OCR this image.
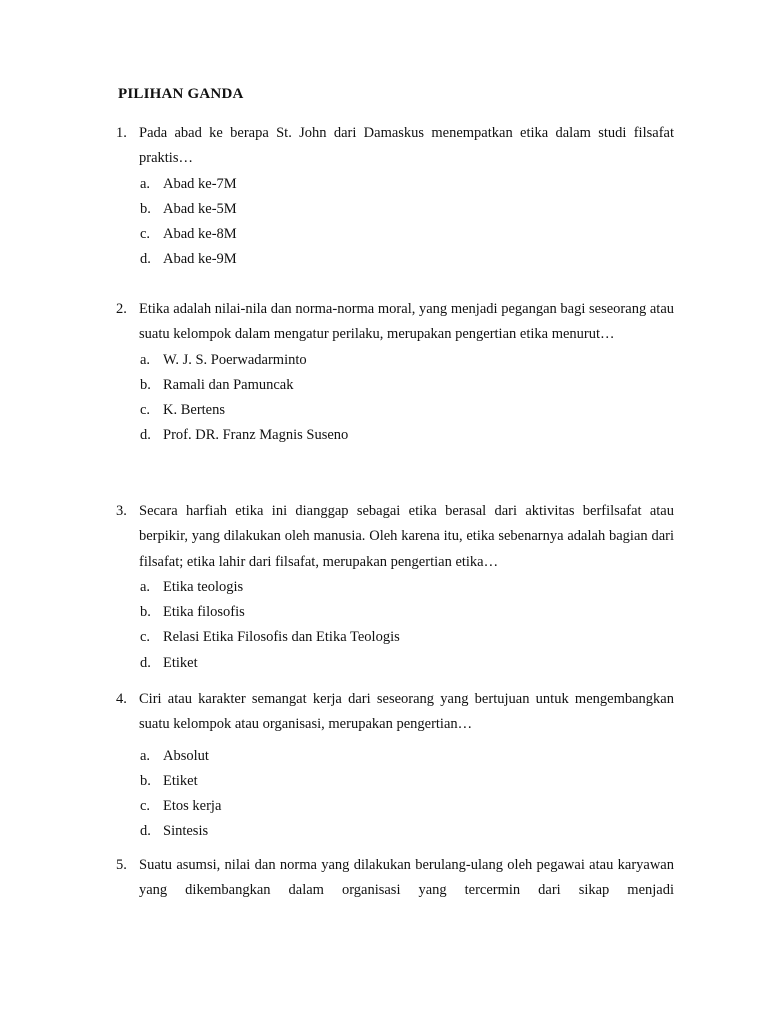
PILIHAN GANDA
1. Pada abad ke berapa St. John dari Damaskus menempatkan etika dalam studi filsafat praktis…
a. Abad ke-7M
b. Abad ke-5M
c. Abad ke-8M
d. Abad ke-9M
2. Etika adalah nilai-nila dan norma-norma moral, yang menjadi pegangan bagi seseorang atau suatu kelompok dalam mengatur perilaku, merupakan pengertian etika menurut…
a. W. J. S. Poerwadarminto
b. Ramali dan Pamuncak
c. K. Bertens
d. Prof. DR. Franz Magnis Suseno
3. Secara harfiah etika ini dianggap sebagai etika berasal dari aktivitas berfilsafat atau berpikir, yang dilakukan oleh manusia. Oleh karena itu, etika sebenarnya adalah bagian dari filsafat; etika lahir dari filsafat, merupakan pengertian etika…
a. Etika teologis
b. Etika filosofis
c. Relasi Etika Filosofis dan Etika Teologis
d. Etiket
4. Ciri atau karakter semangat kerja dari seseorang yang bertujuan untuk mengembangkan suatu kelompok atau organisasi, merupakan pengertian…
a. Absolut
b. Etiket
c. Etos kerja
d. Sintesis
5. Suatu asumsi, nilai dan norma yang dilakukan berulang-ulang oleh pegawai atau karyawan yang dikembangkan dalam organisasi yang tercermin dari sikap menjadi
